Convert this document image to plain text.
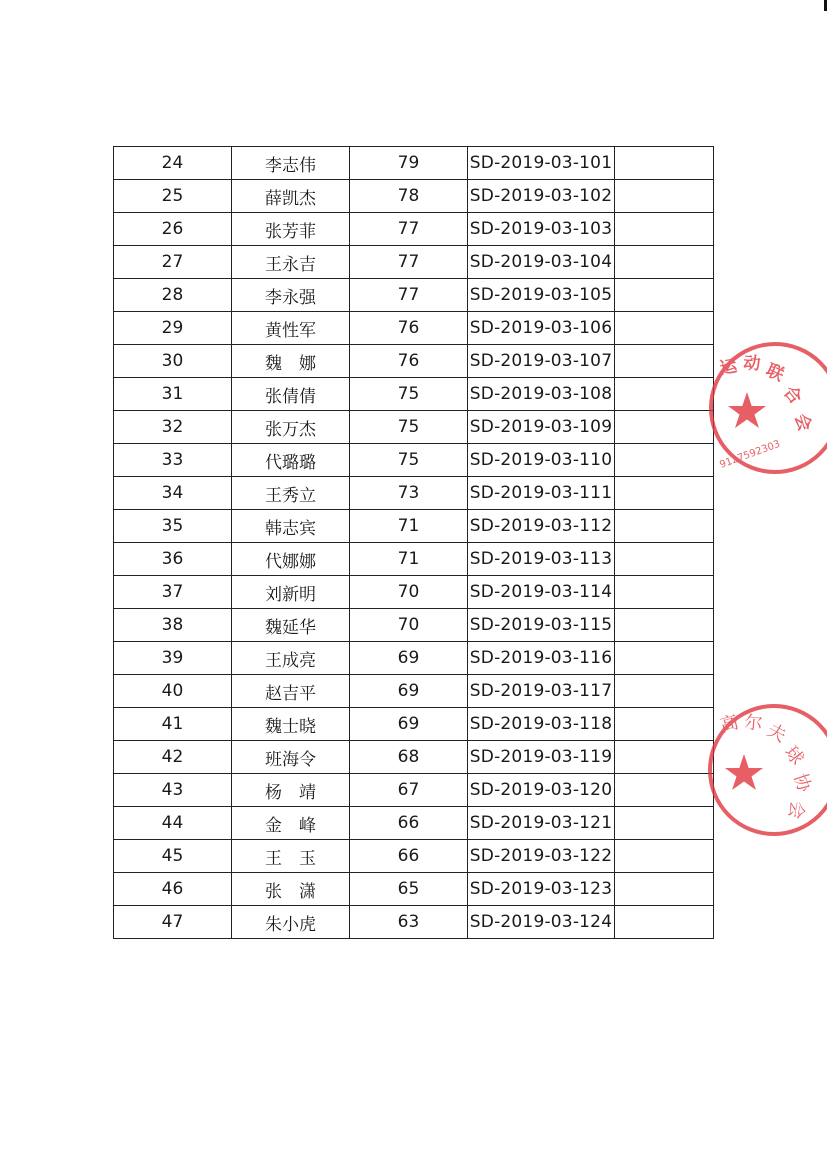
24	李志伟	79	SD-2019-03-101	
25	薛凯杰	78	SD-2019-03-102	
26	张芳菲	77	SD-2019-03-103	
27	王永吉	77	SD-2019-03-104	
28	李永强	77	SD-2019-03-105	
29	黄性军	76	SD-2019-03-106	
30	魏　娜	76	SD-2019-03-107	
31	张倩倩	75	SD-2019-03-108	
32	张万杰	75	SD-2019-03-109	
33	代璐璐	75	SD-2019-03-110	
34	王秀立	73	SD-2019-03-111	
35	韩志宾	71	SD-2019-03-112	
36	代娜娜	71	SD-2019-03-113	
37	刘新明	70	SD-2019-03-114	
38	魏延华	70	SD-2019-03-115	
39	王成亮	69	SD-2019-03-116	
40	赵吉平	69	SD-2019-03-117	
41	魏士晓	69	SD-2019-03-118	
42	班海令	68	SD-2019-03-119	
43	杨　靖	67	SD-2019-03-120	
44	金　峰	66	SD-2019-03-121	
45	王　玉	66	SD-2019-03-122	
46	张　潇	65	SD-2019-03-123	
47	朱小虎	63	SD-2019-03-124	
运 动 联
合
会
9127592303
高 尔 夫
球
协
会
